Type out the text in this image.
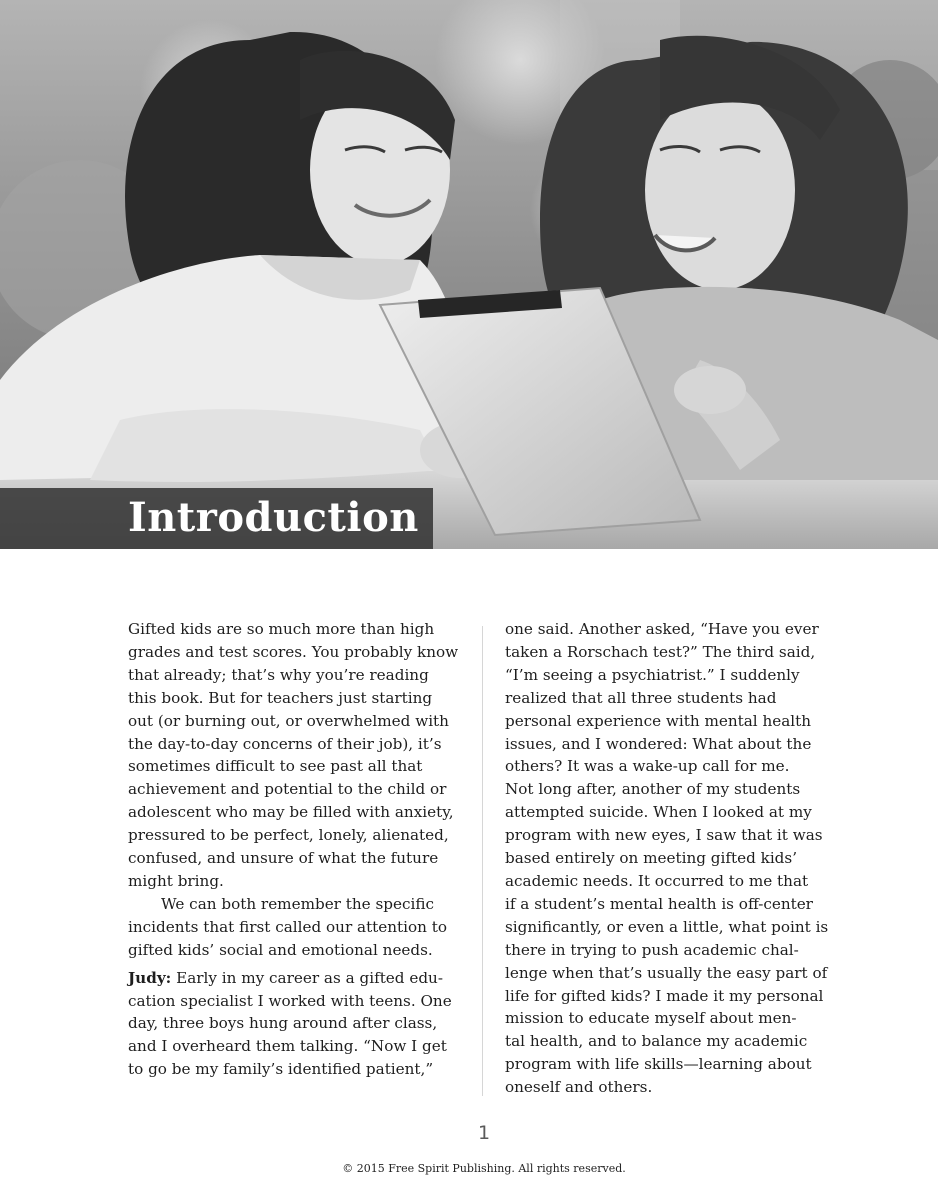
Introduction
Gifted kids are so much more than high
grades and test scores. You probably know
that already; that’s why you’re reading
this book. But for teachers just starting
out (or burning out, or overwhelmed with
the day-to-day concerns of their job), it’s
sometimes difficult to see past all that
achievement and potential to the child or
adolescent who may be filled with anxiety,
pressured to be perfect, lonely, alienated,
confused, and unsure of what the future
might bring.
We can both remember the specific
incidents that first called our attention to
gifted kids’ social and emotional needs.
Judy: Early in my career as a gifted edu-
cation specialist I worked with teens. One
day, three boys hung around after class,
and I overheard them talking. “Now I get
to go be my family’s identified patient,”
one said. Another asked, “Have you ever
taken a Rorschach test?” The third said,
“I’m seeing a psychiatrist.” I suddenly
realized that all three students had
personal experience with mental health
issues, and I wondered: What about the
others? It was a wake-up call for me.
Not long after, another of my students
attempted suicide. When I looked at my
program with new eyes, I saw that it was
based entirely on meeting gifted kids’
academic needs. It occurred to me that
if a student’s mental health is off-center
significantly, or even a little, what point is
there in trying to push academic chal-
lenge when that’s usually the easy part of
life for gifted kids? I made it my personal
mission to educate myself about men-
tal health, and to balance my academic
program with life skills—learning about
oneself and others.
1
© 2015 Free Spirit Publishing. All rights reserved.
